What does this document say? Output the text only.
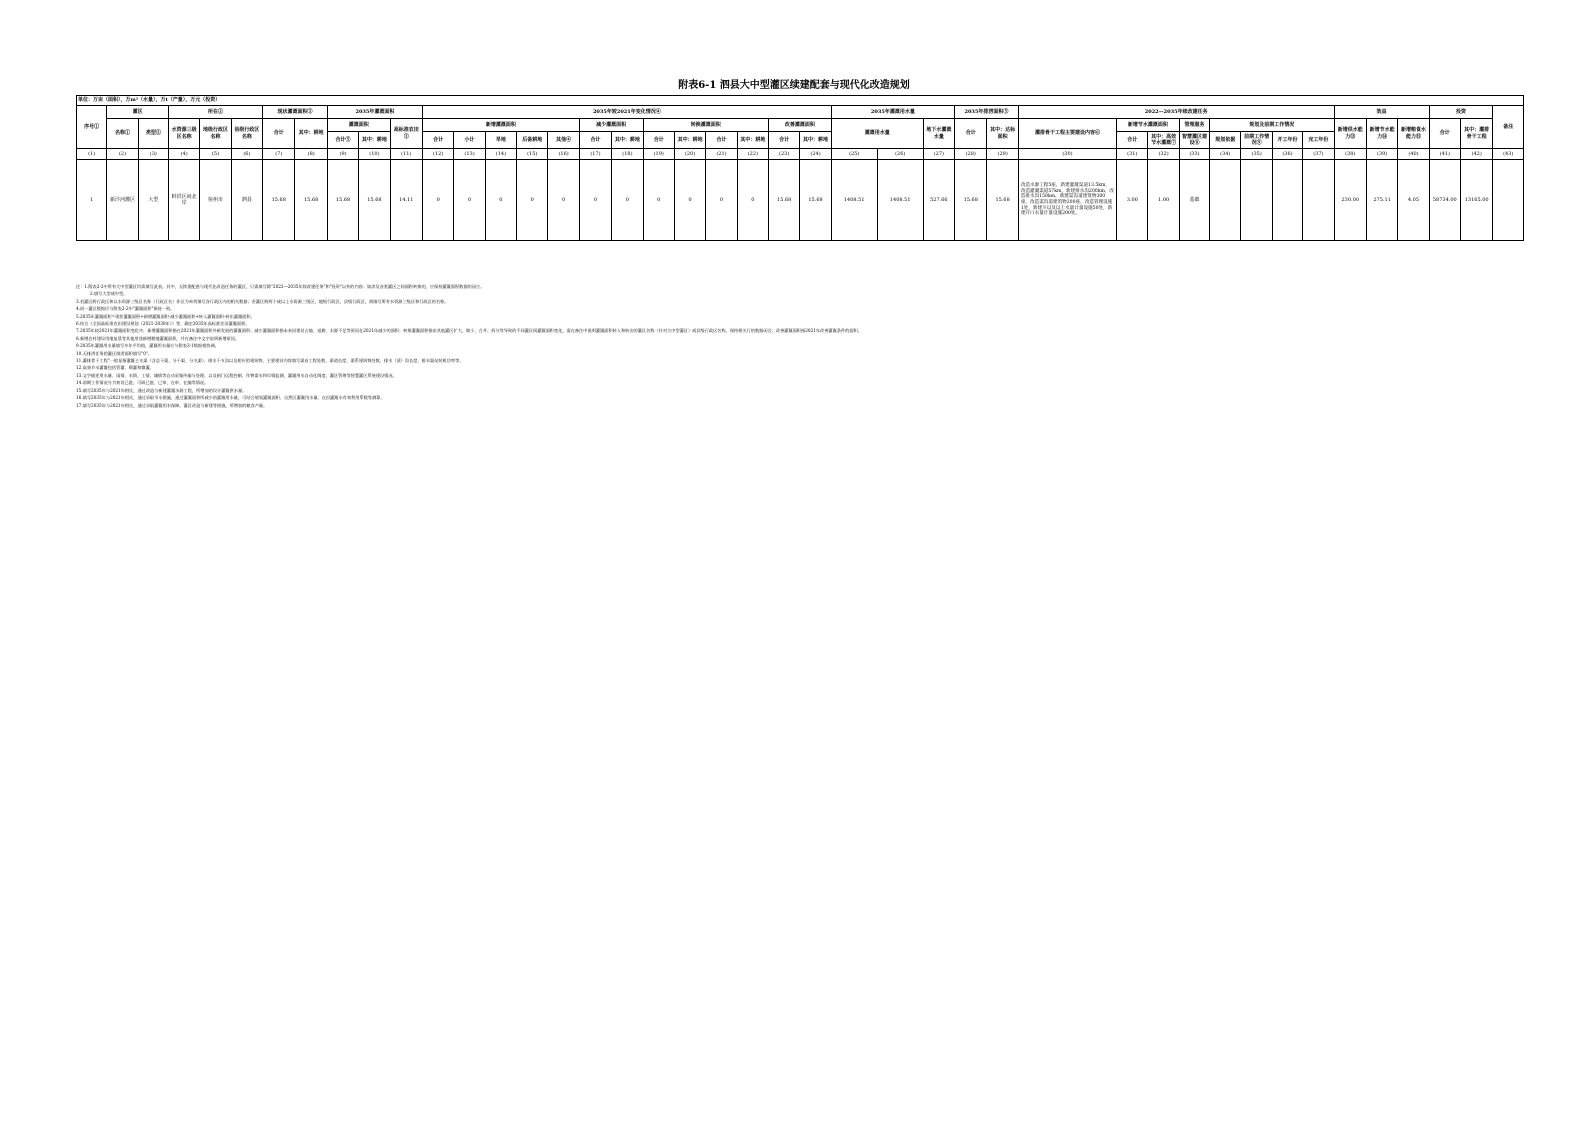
附表6-1 泗县大中型灌区续建配套与现代化改造规划
单位：万亩（面积），万m³（水量），万t（产量），万元（投资）																																										
序号①	灌区		所在②			现状灌溉面积③		2035年灌溉面积			2035年较2021年变化情况④													2035年灌溉用水量			2035年排涝面积⑤		2022—2035年续改建任务								效益			投资		备注
											新增灌溉面积					减少灌溉面积		转换灌溉面积				改善灌溉面积																				
	名称①	类型②	水资源三级区名称	地级行政区名称	县级行政区名称	合计	其中：耕地	灌溉面积		高标准农田③														灌溉用水量		地下水灌溉水量	合计	其中：达标面积	灌排骨干工程主要建设内容⑥	新增节水灌溉面积		管理服务	规划及前期工作情况				新增供水能力⑬	新增节水能力⑭	新增粮食水能力⑮	合计	其中：灌排骨干工程	
								合计⑤	其中：耕地		合计	小计	旱地	后备耕地	其他④	合计	其中：耕地	合计	其中：耕地	合计	其中：耕地	合计	其中：耕地							合计	其中：高效节水灌溉⑦	智慧灌区建设⑧	规划依据	前期工作情况⑨	开工年份	完工年份						
(1)	(2)	(3)	(4)	(5)	(6)	(7)	(8)	(9)	(10)	(11)	(12)	(13)	(14)	(15)	(16)	(17)	(18)	(19)	(20)	(21)	(22)	(23)	(24)	(25)	(26)	(27)	(28)	(29)	(30)	(31)	(32)	(33)	(34)	(35)	(36)	(37)	(38)	(39)	(40)	(41)	(42)	(43)
1	新汴河灌区	大型	蚌洪区间北岸	宿州市	泗县	15.68	15.68	15.68	15.68	14.11	0	0	0	0	0	0	0	0	0	0	0	15.68	15.68	1408.51	1408.51	527.66	15.68	15.68	改造水源工程5座，新建灌溉渠道13.5km，改造灌溉渠道57km，新建排水沟200km，改造排水沟150km，新建渠沟道建筑物300座，改造渠沟道建筑物200座，改造管理设施1处，新建斗以及以上水量计量设施50处，新建开口水量计量设施200处。	3.00	1.00	基础					230.00	275.11	4.05	58734.00	13165.00	
注：1.附表2-2中所有大中型灌区均需填写此表。其中，无续建配套与现代化改造任务的灌区，只需填写除"2022—2035年续改建任务"和"投资"以外的内容；如涉及各类灌区之间面积转换的，应保持灌溉面积数据的闭合。
2.填写大型或中型。
3.若灌区跨行政区和以水资源三级区名称（行政区名）作区为单列填写各行政区内的相关数据；若灌区跨两个或以上水资源三级区、地级行政区、县级行政区，则填写所有水资源三级区和行政区的名称。
4.同一灌区数据应与附表2-2中"灌溉面积"保持一致。
5.2035年灌溉面积=现状灌溉面积+新增灌溉面积-减少灌溉面积+转入灌溉面积-转出灌溉面积。
6.结合《全国高标准农田建设规划（2021-2030年）》等，确定2035年高标准农田灌溉面积。
7.2035年较2021年灌溉面积变化中，新增灌溉面积指在2021年灌溉面积外新发展的灌溉面积；减少灌溉面积指未来因建设占地、退耕、水源不足等原因在2021年减少的面积；转换灌溉面积指由其他灌区扩大、缩小、合并、拆分等导致的不同灌区间灌溉面积变化，需在备注中说明灌溉面积转入和转出的灌区名称（针对大中型灌区）或县级行政区名称，保持相关行的数据闭合；改善灌溉面积指2021年改善灌溉条件的面积。
8.新增农村建设用地复垦等其他用途新增耕地灌溉面积，并在备注中文字说明新增原因。
9.2035年灌溉用水量填写多年平均值，灌溉用水量应与附表3-1数据相协调。
10.无排涝任务的灌区排涝面积填写"0"。
11.灌排骨干工程"一般是指灌溉主支渠（含总干渠、分干渠、分支渠）、排水干支沟以及相应的建筑物，主要建设内容填写渠首工程处数、渠道长度、渠系建筑物处数、排水（渍）沟长度、排水渠站装机功率等。
12.高效节水灌溉包括管灌、喷灌和微灌。
13.文字描述用水量、雨情、水情、工情、墒情等自动采集传输与处理，以及闸门远程控制、作物需水和早情监测、灌溉用水自动化调度，灌区管理等智慧灌区系统建设情况。
14.前期工作情况分为初设已批、可研已批、已审、在审、在编等情况。
15.填写2035年与2021年相比，通过改造与新建灌溉水源工程，所增加的设计灌溉供水量。
16.填写2035年与2021年相比，通过采取节水措施，通过灌溉面积所减少的灌溉用水量，可结合规划灌溉面积、自然区灌溉用水量、在田灌溉水有效利用系数等测算。
17.填写2035年与2021年相比，通过采取灌溉用水保障，灌区改造与新建等措施，所增加的粮食产量。
